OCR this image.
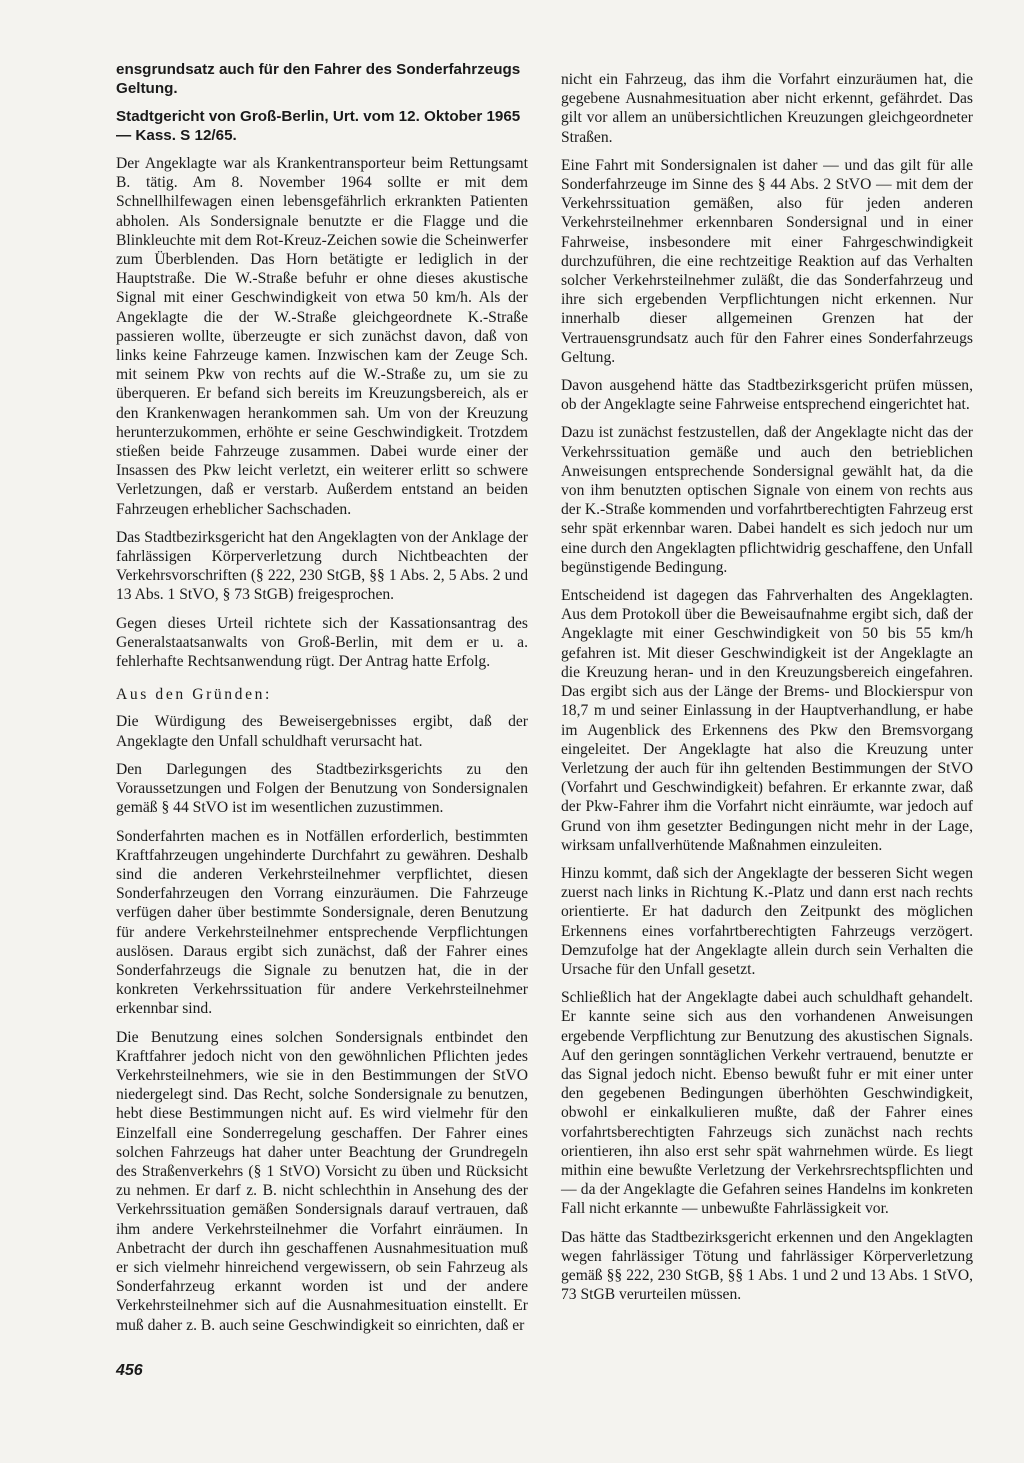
ensgrundsatz auch für den Fahrer des Sonderfahrzeugs Geltung.

Stadtgericht von Groß-Berlin, Urt. vom 12. Oktober 1965 — Kass. S 12/65.

Der Angeklagte war als Krankentransporteur beim Rettungsamt B. tätig. Am 8. November 1964 sollte er mit dem Schnellhilfewagen einen lebensgefährlich erkrankten Patienten abholen. Als Sondersignale benutzte er die Flagge und die Blinkleuchte mit dem Rot-Kreuz-Zeichen sowie die Scheinwerfer zum Überblenden. Das Horn betätigte er lediglich in der Hauptstraße. Die W.-Straße befuhr er ohne dieses akustische Signal mit einer Geschwindigkeit von etwa 50 km/h. Als der Angeklagte die der W.-Straße gleichgeordnete K.-Straße passieren wollte, überzeugte er sich zunächst davon, daß von links keine Fahrzeuge kamen. Inzwischen kam der Zeuge Sch. mit seinem Pkw von rechts auf die W.-Straße zu, um sie zu überqueren. Er befand sich bereits im Kreuzungsbereich, als er den Krankenwagen herankommen sah. Um von der Kreuzung herunterzukommen, erhöhte er seine Geschwindigkeit. Trotzdem stießen beide Fahrzeuge zusammen. Dabei wurde einer der Insassen des Pkw leicht verletzt, ein weiterer erlitt so schwere Verletzungen, daß er verstarb. Außerdem entstand an beiden Fahrzeugen erheblicher Sachschaden.

Das Stadtbezirksgericht hat den Angeklagten von der Anklage der fahrlässigen Körperverletzung durch Nichtbeachten der Verkehrsvorschriften (§ 222, 230 StGB, §§ 1 Abs. 2, 5 Abs. 2 und 13 Abs. 1 StVO, § 73 StGB) freigesprochen.

Gegen dieses Urteil richtete sich der Kassationsantrag des Generalstaatsanwalts von Groß-Berlin, mit dem er u. a. fehlerhafte Rechtsanwendung rügt. Der Antrag hatte Erfolg.

Aus den Gründen:

Die Würdigung des Beweisergebnisses ergibt, daß der Angeklagte den Unfall schuldhaft verursacht hat.

Den Darlegungen des Stadtbezirksgerichts zu den Voraussetzungen und Folgen der Benutzung von Sondersignalen gemäß § 44 StVO ist im wesentlichen zuzustimmen.

Sonderfahrten machen es in Notfällen erforderlich, bestimmten Kraftfahrzeugen ungehinderte Durchfahrt zu gewähren. Deshalb sind die anderen Verkehrsteilnehmer verpflichtet, diesen Sonderfahrzeugen den Vorrang einzuräumen. Die Fahrzeuge verfügen daher über bestimmte Sondersignale, deren Benutzung für andere Verkehrsteilnehmer entsprechende Verpflichtungen auslösen. Daraus ergibt sich zunächst, daß der Fahrer eines Sonderfahrzeugs die Signale zu benutzen hat, die in der konkreten Verkehrssituation für andere Verkehrsteilnehmer erkennbar sind.

Die Benutzung eines solchen Sondersignals entbindet den Kraftfahrer jedoch nicht von den gewöhnlichen Pflichten jedes Verkehrsteilnehmers, wie sie in den Bestimmungen der StVO niedergelegt sind. Das Recht, solche Sondersignale zu benutzen, hebt diese Bestimmungen nicht auf. Es wird vielmehr für den Einzelfall eine Sonderregelung geschaffen. Der Fahrer eines solchen Fahrzeugs hat daher unter Beachtung der Grundregeln des Straßenverkehrs (§ 1 StVO) Vorsicht zu üben und Rücksicht zu nehmen. Er darf z. B. nicht schlechthin in Ansehung des der Verkehrssituation gemäßen Sondersignals darauf vertrauen, daß ihm andere Verkehrsteilnehmer die Vorfahrt einräumen. In Anbetracht der durch ihn geschaffenen Ausnahmesituation muß er sich vielmehr hinreichend vergewissern, ob sein Fahrzeug als Sonderfahrzeug erkannt worden ist und der andere Verkehrsteilnehmer sich auf die Ausnahmesituation einstellt. Er muß daher z. B. auch seine Geschwindigkeit so einrichten, daß er

nicht ein Fahrzeug, das ihm die Vorfahrt einzuräumen hat, die gegebene Ausnahmesituation aber nicht erkennt, gefährdet. Das gilt vor allem an unübersichtlichen Kreuzungen gleichgeordneter Straßen.

Eine Fahrt mit Sondersignalen ist daher — und das gilt für alle Sonderfahrzeuge im Sinne des § 44 Abs. 2 StVO — mit dem der Verkehrssituation gemäßen, also für jeden anderen Verkehrsteilnehmer erkennbaren Sondersignal und in einer Fahrweise, insbesondere mit einer Fahrgeschwindigkeit durchzuführen, die eine rechtzeitige Reaktion auf das Verhalten solcher Verkehrsteilnehmer zuläßt, die das Sonderfahrzeug und ihre sich ergebenden Verpflichtungen nicht erkennen. Nur innerhalb dieser allgemeinen Grenzen hat der Vertrauensgrundsatz auch für den Fahrer eines Sonderfahrzeugs Geltung.

Davon ausgehend hätte das Stadtbezirksgericht prüfen müssen, ob der Angeklagte seine Fahrweise entsprechend eingerichtet hat.

Dazu ist zunächst festzustellen, daß der Angeklagte nicht das der Verkehrssituation gemäße und auch den betrieblichen Anweisungen entsprechende Sondersignal gewählt hat, da die von ihm benutzten optischen Signale von einem von rechts aus der K.-Straße kommenden und vorfahrtberechtigten Fahrzeug erst sehr spät erkennbar waren. Dabei handelt es sich jedoch nur um eine durch den Angeklagten pflichtwidrig geschaffene, den Unfall begünstigende Bedingung.

Entscheidend ist dagegen das Fahrverhalten des Angeklagten. Aus dem Protokoll über die Beweisaufnahme ergibt sich, daß der Angeklagte mit einer Geschwindigkeit von 50 bis 55 km/h gefahren ist. Mit dieser Geschwindigkeit ist der Angeklagte an die Kreuzung heran- und in den Kreuzungsbereich eingefahren. Das ergibt sich aus der Länge der Brems- und Blockierspur von 18,7 m und seiner Einlassung in der Hauptverhandlung, er habe im Augenblick des Erkennens des Pkw den Bremsvorgang eingeleitet. Der Angeklagte hat also die Kreuzung unter Verletzung der auch für ihn geltenden Bestimmungen der StVO (Vorfahrt und Geschwindigkeit) befahren. Er erkannte zwar, daß der Pkw-Fahrer ihm die Vorfahrt nicht einräumte, war jedoch auf Grund von ihm gesetzter Bedingungen nicht mehr in der Lage, wirksam unfallverhütende Maßnahmen einzuleiten.

Hinzu kommt, daß sich der Angeklagte der besseren Sicht wegen zuerst nach links in Richtung K.-Platz und dann erst nach rechts orientierte. Er hat dadurch den Zeitpunkt des möglichen Erkennens eines vorfahrtberechtigten Fahrzeugs verzögert. Demzufolge hat der Angeklagte allein durch sein Verhalten die Ursache für den Unfall gesetzt.

Schließlich hat der Angeklagte dabei auch schuldhaft gehandelt. Er kannte seine sich aus den vorhandenen Anweisungen ergebende Verpflichtung zur Benutzung des akustischen Signals. Auf den geringen sonntäglichen Verkehr vertrauend, benutzte er das Signal jedoch nicht. Ebenso bewußt fuhr er mit einer unter den gegebenen Bedingungen überhöhten Geschwindigkeit, obwohl er einkalkulieren mußte, daß der Fahrer eines vorfahrtsberechtigten Fahrzeugs sich zunächst nach rechts orientieren, ihn also erst sehr spät wahrnehmen würde. Es liegt mithin eine bewußte Verletzung der Verkehrsrechtspflichten und — da der Angeklagte die Gefahren seines Handelns im konkreten Fall nicht erkannte — unbewußte Fahrlässigkeit vor.

Das hätte das Stadtbezirksgericht erkennen und den Angeklagten wegen fahrlässiger Tötung und fahrlässiger Körperverletzung gemäß §§ 222, 230 StGB, §§ 1 Abs. 1 und 2 und 13 Abs. 1 StVO, 73 StGB verurteilen müssen.

456
